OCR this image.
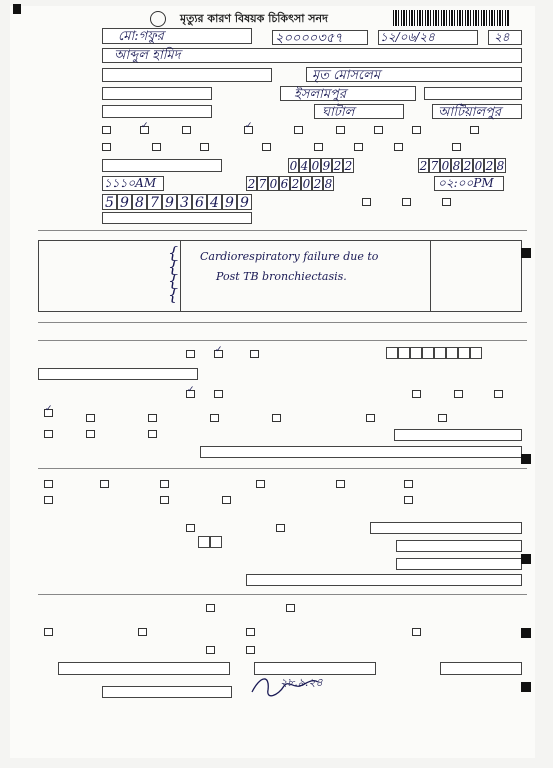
মৃত্যুর কারণ বিষয়ক চিকিৎসা সনদ
মো:গফুর	২০০০০৩৫৭	১২/০৬/২৪	২৪
আব্দুল হামিদ
মৃত মোসলেম
ইসলামপুর
ঘাটাল	আটিয়ালপুর
✓	✓
0 4 0 9 2 2	2 7 0 8 2 0 2 8
১১১০AM	2 7 0 6 2 0 2 8	০২:০০PM
5 9 8 7 9 3 6 4 9 9
{
{
{
{
Cardiorespiratory failure due to
Post TB bronchiectasis.
✓
✓
✓
২৮.৯.২৪
